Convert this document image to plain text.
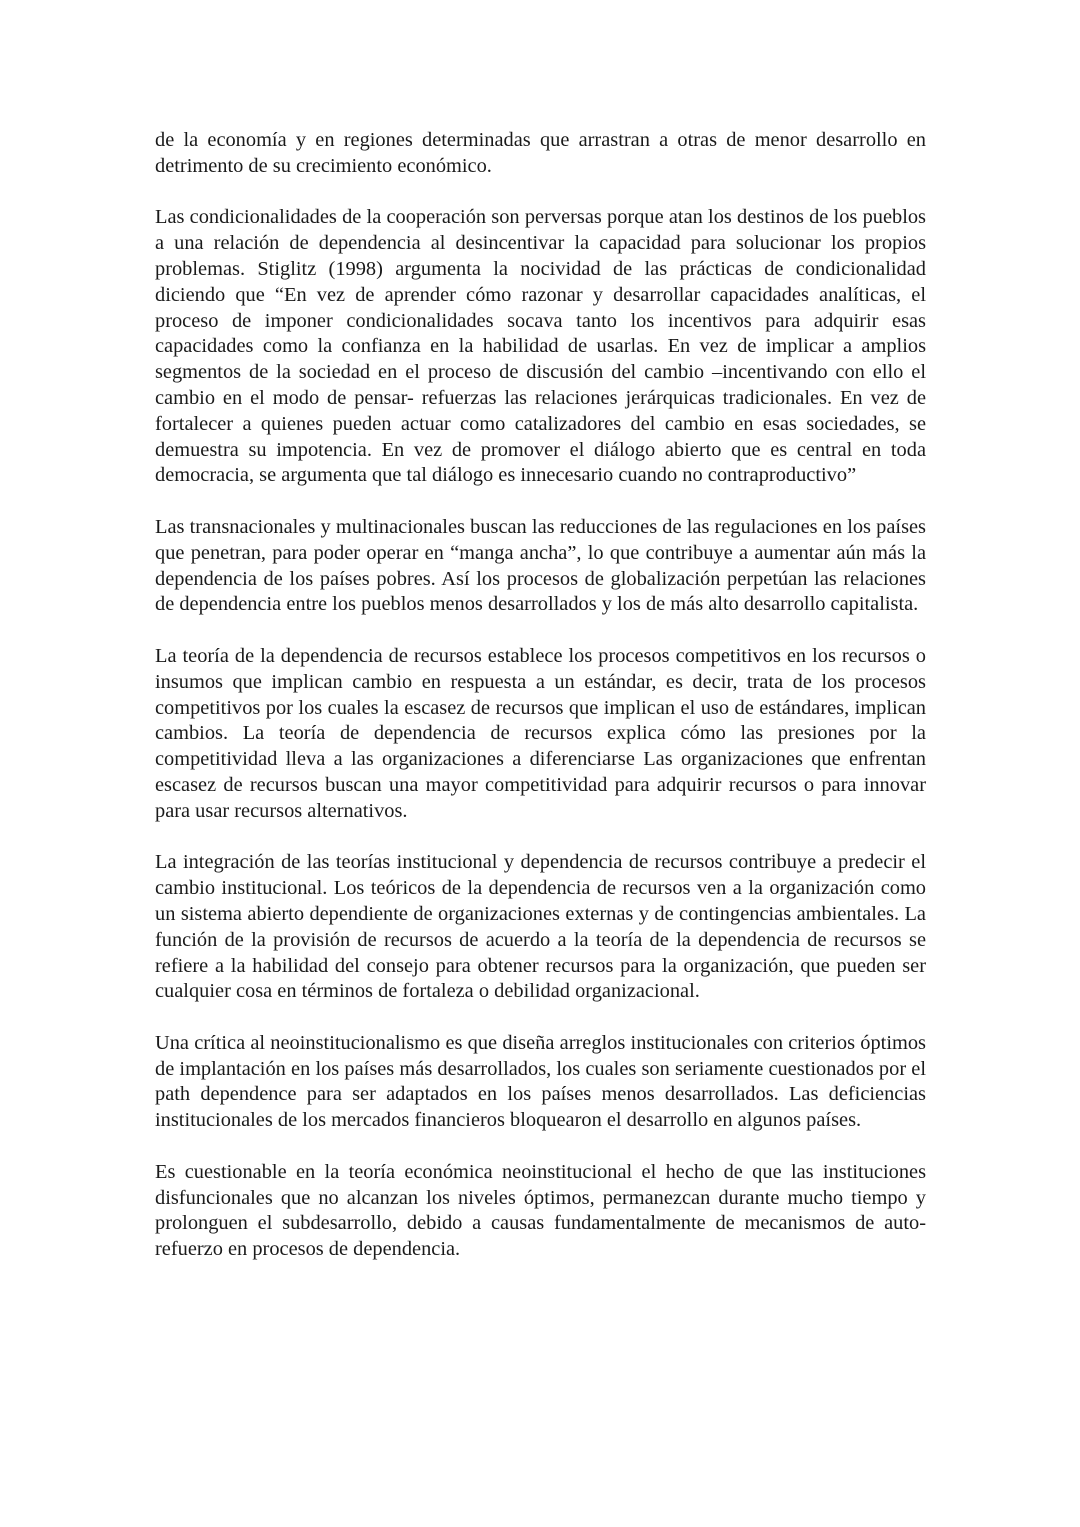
de la economía y en regiones determinadas que arrastran a otras de menor desarrollo en detrimento de su crecimiento económico.

Las condicionalidades de la cooperación son perversas porque atan los destinos de los pueblos a una relación de dependencia al desincentivar la capacidad para solucionar los propios problemas. Stiglitz (1998) argumenta la nocividad de las prácticas de condicionalidad diciendo que “En vez de aprender cómo razonar y desarrollar capacidades analíticas, el proceso de imponer condicionalidades socava tanto los incentivos para adquirir esas capacidades como la confianza en la habilidad de usarlas. En vez de implicar a amplios segmentos de la sociedad en el proceso de discusión del cambio –incentivando con ello el cambio en el modo de pensar- refuerzas las relaciones jerárquicas tradicionales. En vez de fortalecer a quienes pueden actuar como catalizadores del cambio en esas sociedades, se demuestra su impotencia. En vez de promover el diálogo abierto que es central en toda democracia, se argumenta que tal diálogo es innecesario cuando no contraproductivo”

Las transnacionales y multinacionales buscan las reducciones de las regulaciones en los países que penetran, para poder operar en “manga ancha”, lo que contribuye a aumentar aún más la dependencia de los países pobres. Así los procesos de globalización perpetúan las relaciones de dependencia entre los pueblos menos desarrollados y los de más alto desarrollo capitalista.

La teoría de la dependencia de recursos establece los procesos competitivos en los recursos o insumos que implican cambio en respuesta a un estándar, es decir, trata de los procesos competitivos por los cuales la escasez de recursos que implican el uso de estándares, implican cambios. La teoría de dependencia de recursos explica cómo las presiones por la competitividad lleva a las organizaciones a diferenciarse Las organizaciones que enfrentan escasez de recursos buscan una mayor competitividad para adquirir recursos o para innovar para usar recursos alternativos.

La integración de las teorías institucional y dependencia de recursos contribuye a predecir el cambio institucional. Los teóricos de la dependencia de recursos ven a la organización como un sistema abierto dependiente de organizaciones externas y de contingencias ambientales. La función de la provisión de recursos de acuerdo a la teoría de la dependencia de recursos se refiere a la habilidad del consejo para obtener recursos para la organización, que pueden ser cualquier cosa en términos de fortaleza o debilidad organizacional.

Una crítica al neoinstitucionalismo es que diseña arreglos institucionales con criterios óptimos de implantación en los países más desarrollados, los cuales son seriamente cuestionados por el path dependence para ser adaptados en los países menos desarrollados. Las deficiencias institucionales de los mercados financieros bloquearon el desarrollo en algunos países.

Es cuestionable en la teoría económica neoinstitucional el hecho de que las instituciones disfuncionales que no alcanzan los niveles óptimos, permanezcan durante mucho tiempo y prolonguen el subdesarrollo, debido a causas fundamentalmente de mecanismos de auto-refuerzo en procesos de dependencia.
